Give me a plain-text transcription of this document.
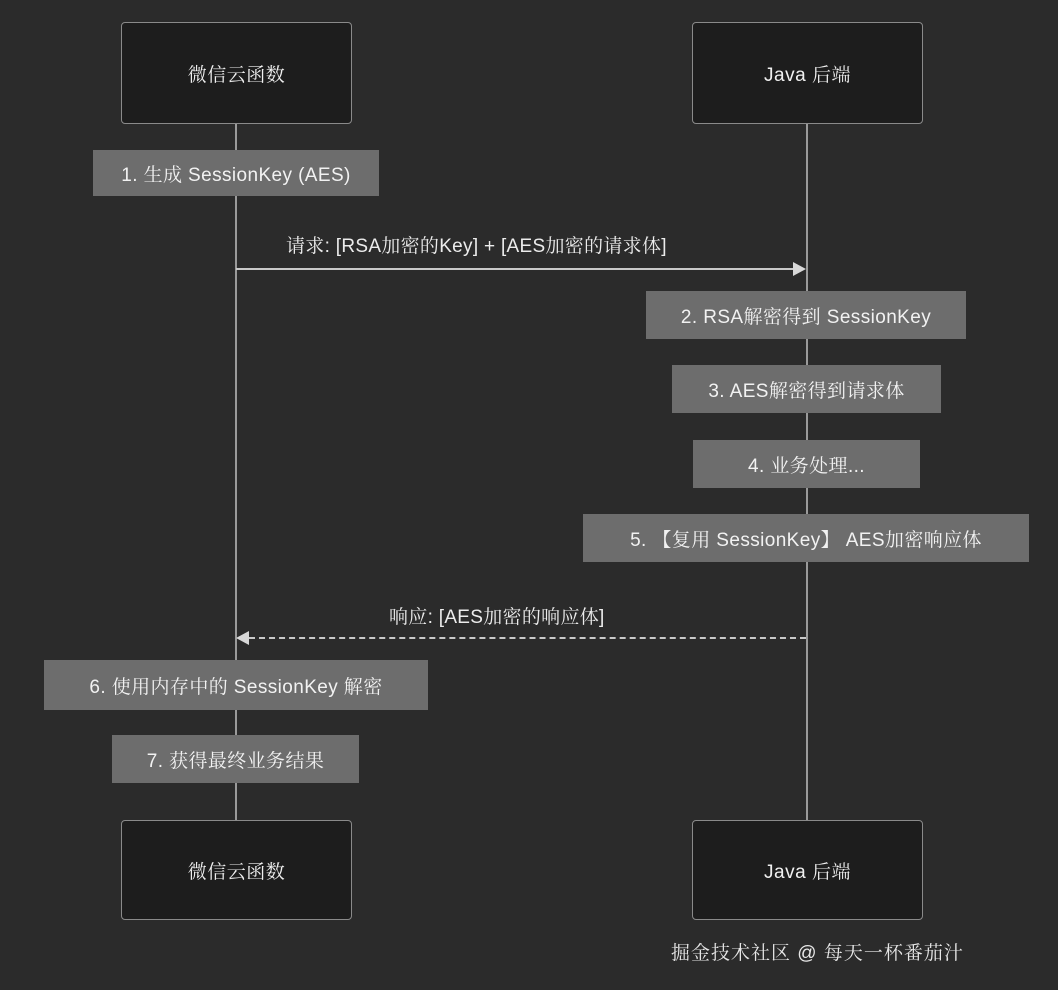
微信云函数	Java 后端
1. 生成 SessionKey (AES)
请求: [RSA加密的Key] + [AES加密的请求体]
2. RSA解密得到 SessionKey
3. AES解密得到请求体
4. 业务处理...
5. 【复用 SessionKey】 AES加密响应体
响应: [AES加密的响应体]
6. 使用内存中的 SessionKey 解密
7. 获得最终业务结果
微信云函数	Java 后端
掘金技术社区 @ 每天一杯番茄汁
